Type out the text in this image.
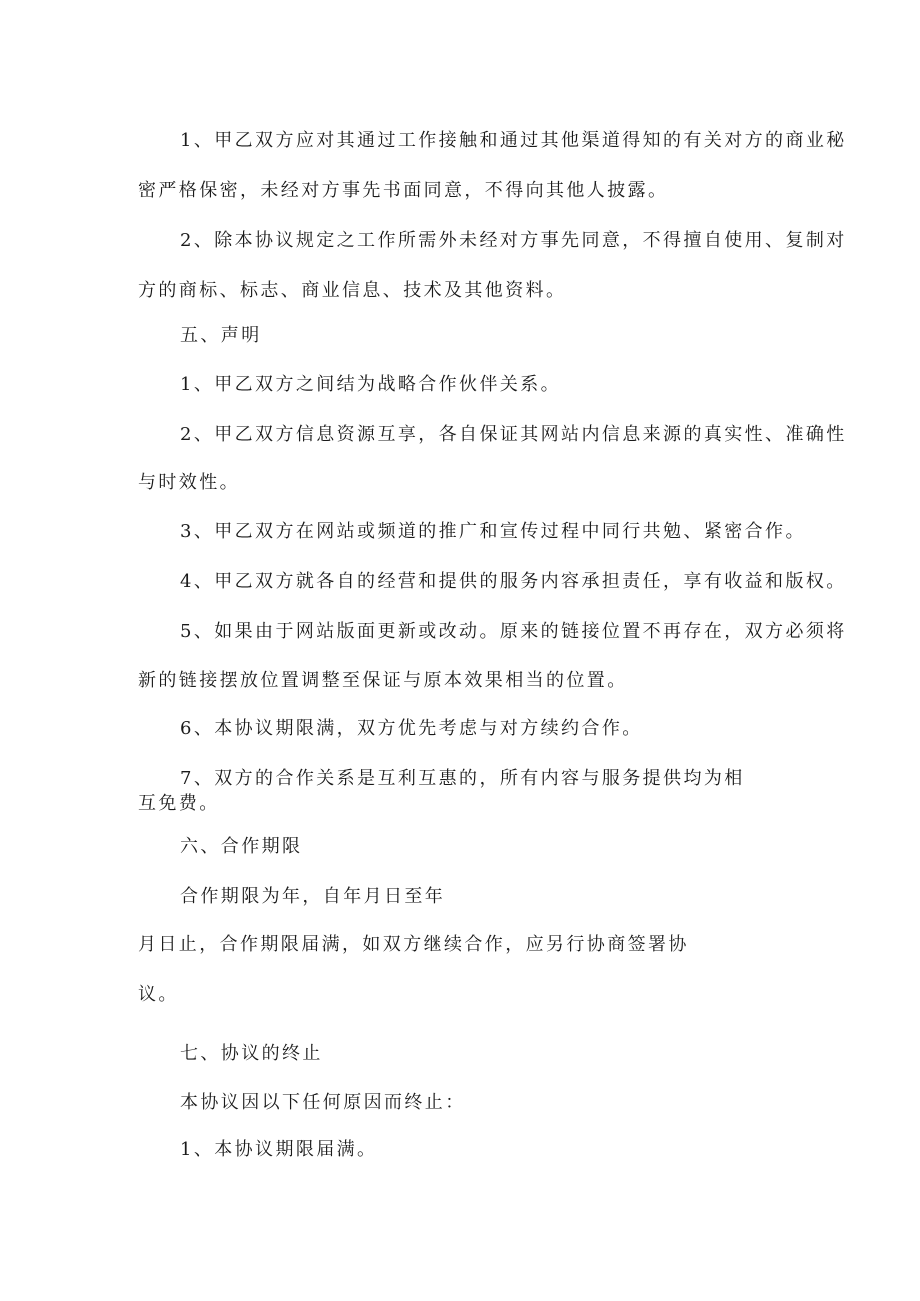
1、甲乙双方应对其通过工作接触和通过其他渠道得知的有关对方的商业秘

密严格保密，未经对方事先书面同意，不得向其他人披露。

2、除本协议规定之工作所需外未经对方事先同意，不得擅自使用、复制对

方的商标、标志、商业信息、技术及其他资料。

五、声明

1、甲乙双方之间结为战略合作伙伴关系。

2、甲乙双方信息资源互享，各自保证其网站内信息来源的真实性、准确性

与时效性。

3、甲乙双方在网站或频道的推广和宣传过程中同行共勉、紧密合作。

4、甲乙双方就各自的经营和提供的服务内容承担责任，享有收益和版权。

5、如果由于网站版面更新或改动。原来的链接位置不再存在，双方必须将

新的链接摆放位置调整至保证与原本效果相当的位置。

6、本协议期限满，双方优先考虑与对方续约合作。

7、双方的合作关系是互利互惠的，所有内容与服务提供均为相

互免费。

六、合作期限

合作期限为年，自年月日至年

月日止，合作期限届满，如双方继续合作，应另行协商签署协

议。

七、协议的终止

本协议因以下任何原因而终止：

1、本协议期限届满。
